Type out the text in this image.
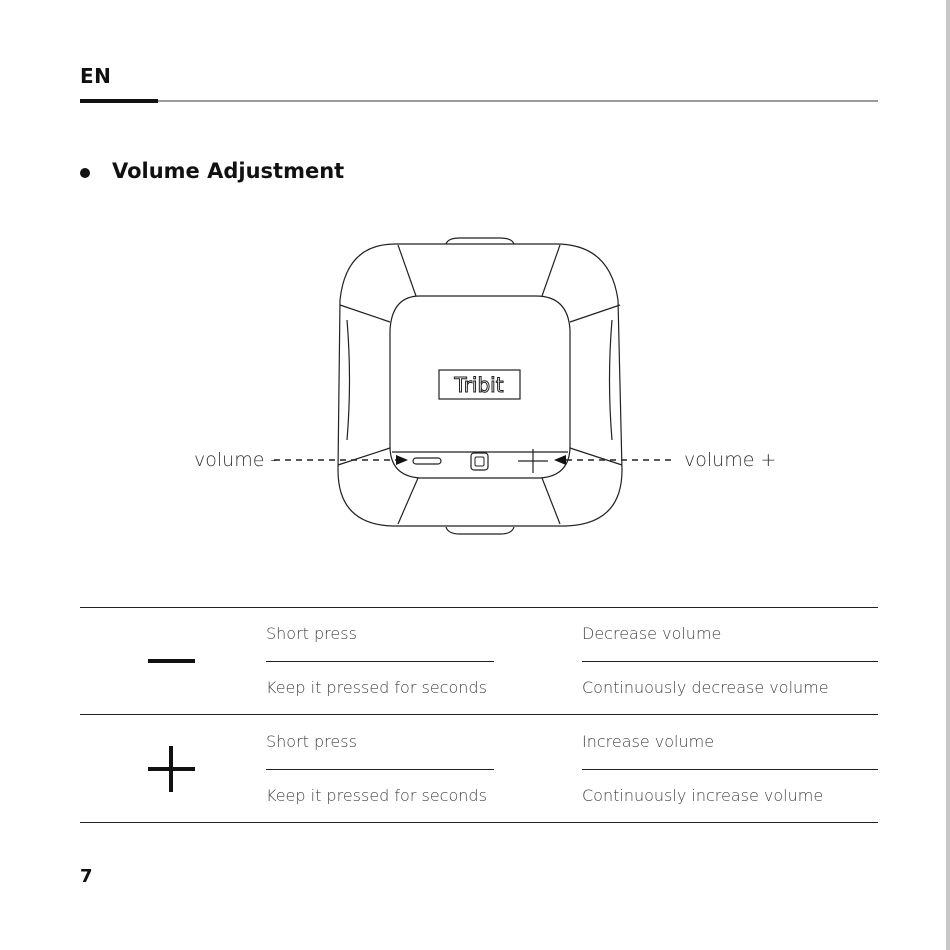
EN
Volume Adjustment
Tribit
volume -	volume +
Short press	Decrease volume
Keep it pressed for seconds	Continuously decrease volume
Short press	Increase volume
Keep it pressed for seconds	Continuously increase volume
7
